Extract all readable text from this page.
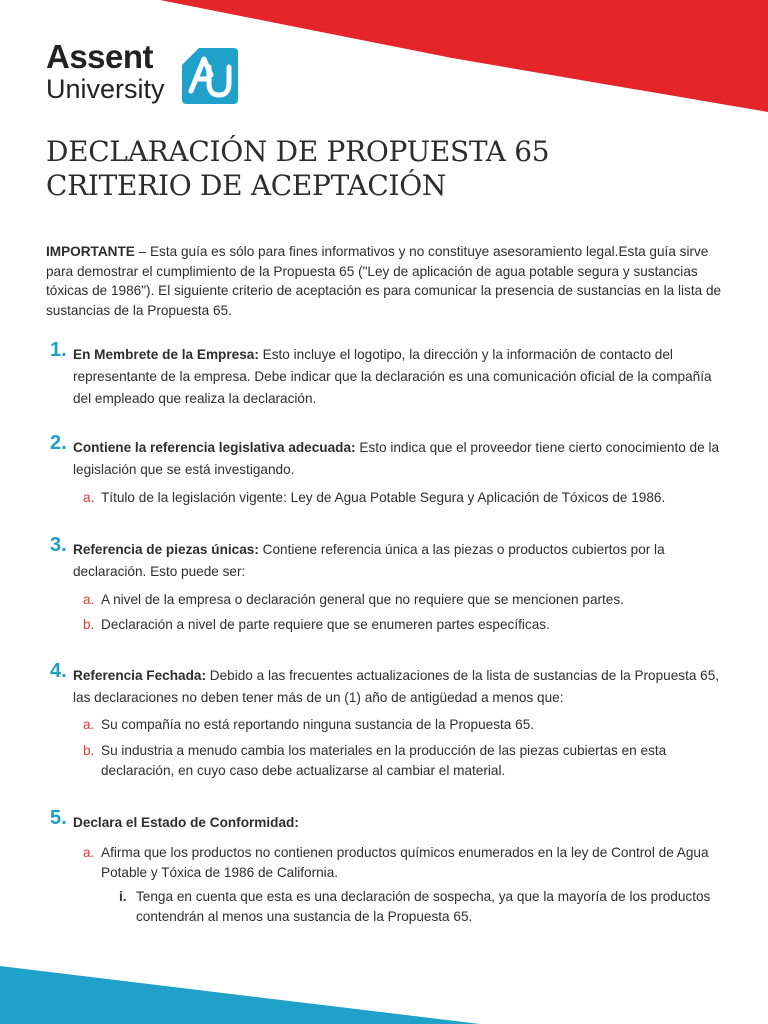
Assent
University
DECLARACIÓN DE PROPUESTA 65
CRITERIO DE ACEPTACIÓN

IMPORTANTE – Esta guía es sólo para fines informativos y no constituye asesoramiento legal.Esta guía sirve para demostrar el cumplimiento de la Propuesta 65 ("Ley de aplicación de agua potable segura y sustancias tóxicas de 1986"). El siguiente criterio de aceptación es para comunicar la presencia de sustancias en la lista de sustancias de la Propuesta 65.

1. En Membrete de la Empresa: Esto incluye el logotipo, la dirección y la información de contacto del representante de la empresa. Debe indicar que la declaración es una comunicación oficial de la compañía del empleado que realiza la declaración.
2. Contiene la referencia legislativa adecuada: Esto indica que el proveedor tiene cierto conocimiento de la legislación que se está investigando.
a. Título de la legislación vigente: Ley de Agua Potable Segura y Aplicación de Tóxicos de 1986.
3. Referencia de piezas únicas: Contiene referencia única a las piezas o productos cubiertos por la declaración. Esto puede ser:
a. A nivel de la empresa o declaración general que no requiere que se mencionen partes.
b. Declaración a nivel de parte requiere que se enumeren partes específicas.
4. Referencia Fechada: Debido a las frecuentes actualizaciones de la lista de sustancias de la Propuesta 65, las declaraciones no deben tener más de un (1) año de antigüedad a menos que:
a. Su compañía no está reportando ninguna sustancia de la Propuesta 65.
b. Su industria a menudo cambia los materiales en la producción de las piezas cubiertas en esta declaración, en cuyo caso debe actualizarse al cambiar el material.
5. Declara el Estado de Conformidad:
a. Afirma que los productos no contienen productos químicos enumerados en la ley de Control de Agua Potable y Tóxica de 1986 de California.
i. Tenga en cuenta que esta es una declaración de sospecha, ya que la mayoría de los productos contendrán al menos una sustancia de la Propuesta 65.
